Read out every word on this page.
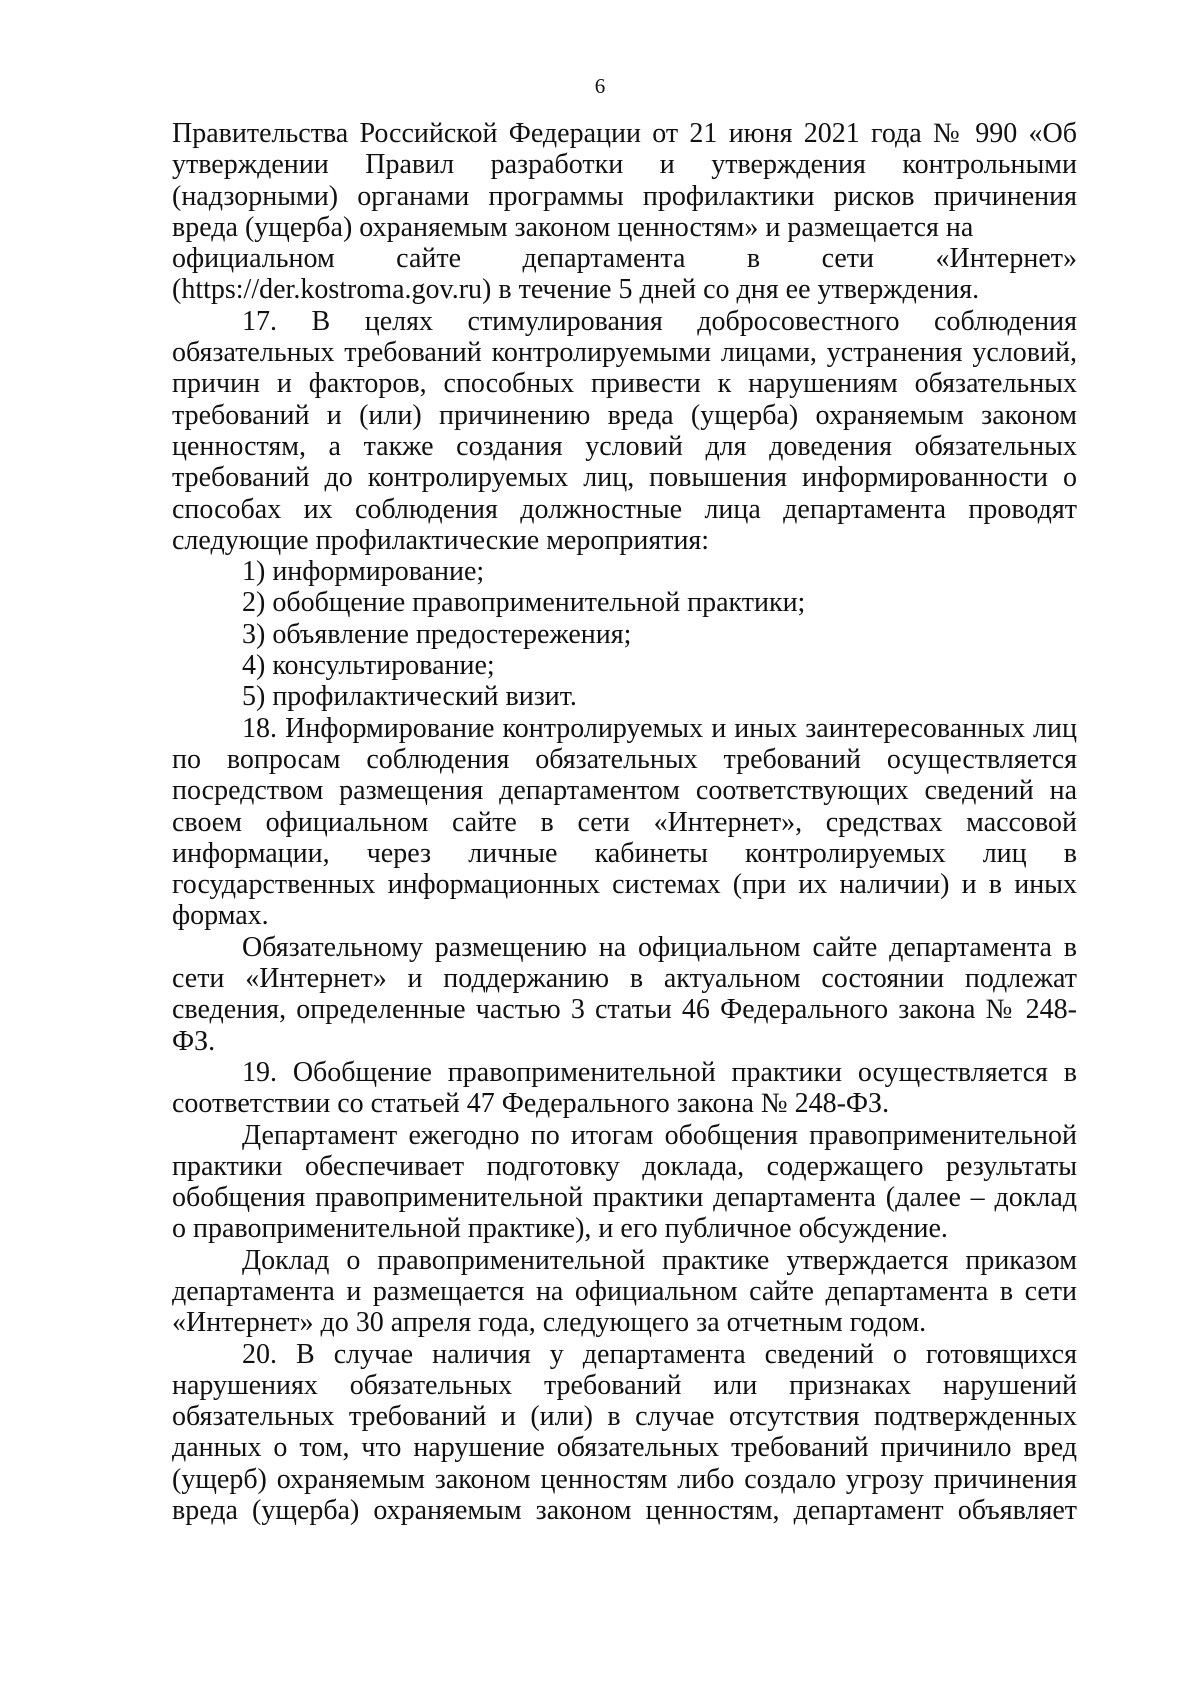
6

Правительства Российской Федерации от 21 июня 2021 года № 990 «Об утверждении Правил разработки и утверждения контрольными (надзорными) органами программы профилактики рисков причинения вреда (ущерба) охраняемым законом ценностям» и размещается на

официальном сайте департамента в сети «Интернет»

(https://der.kostroma.gov.ru) в течение 5 дней со дня ее утверждения.

17. В целях стимулирования добросовестного соблюдения обязательных требований контролируемыми лицами, устранения условий, причин и факторов, способных привести к нарушениям обязательных требований и (или) причинению вреда (ущерба) охраняемым законом ценностям, а также создания условий для доведения обязательных требований до контролируемых лиц, повышения информированности о способах их соблюдения должностные лица департамента проводят следующие профилактические мероприятия:

1) информирование;

2) обобщение правоприменительной практики;

3) объявление предостережения;

4) консультирование;

5) профилактический визит.

18. Информирование контролируемых и иных заинтересованных лиц по вопросам соблюдения обязательных требований осуществляется посредством размещения департаментом соответствующих сведений на своем официальном сайте в сети «Интернет», средствах массовой информации, через личные кабинеты контролируемых лиц в государственных информационных системах (при их наличии) и в иных формах.

Обязательному размещению на официальном сайте департамента в сети «Интернет» и поддержанию в актуальном состоянии подлежат сведения, определенные частью 3 статьи 46 Федерального закона № 248-ФЗ.

19. Обобщение правоприменительной практики осуществляется в соответствии со статьей 47 Федерального закона № 248-ФЗ.

Департамент ежегодно по итогам обобщения правоприменительной практики обеспечивает подготовку доклада, содержащего результаты обобщения правоприменительной практики департамента (далее – доклад о правоприменительной практике), и его публичное обсуждение.

Доклад о правоприменительной практике утверждается приказом департамента и размещается на официальном сайте департамента в сети «Интернет» до 30 апреля года, следующего за отчетным годом.

20. В случае наличия у департамента сведений о готовящихся нарушениях обязательных требований или признаках нарушений обязательных требований и (или) в случае отсутствия подтвержденных данных о том, что нарушение обязательных требований причинило вред (ущерб) охраняемым законом ценностям либо создало угрозу причинения вреда (ущерба) охраняемым законом ценностям, департамент объявляет
